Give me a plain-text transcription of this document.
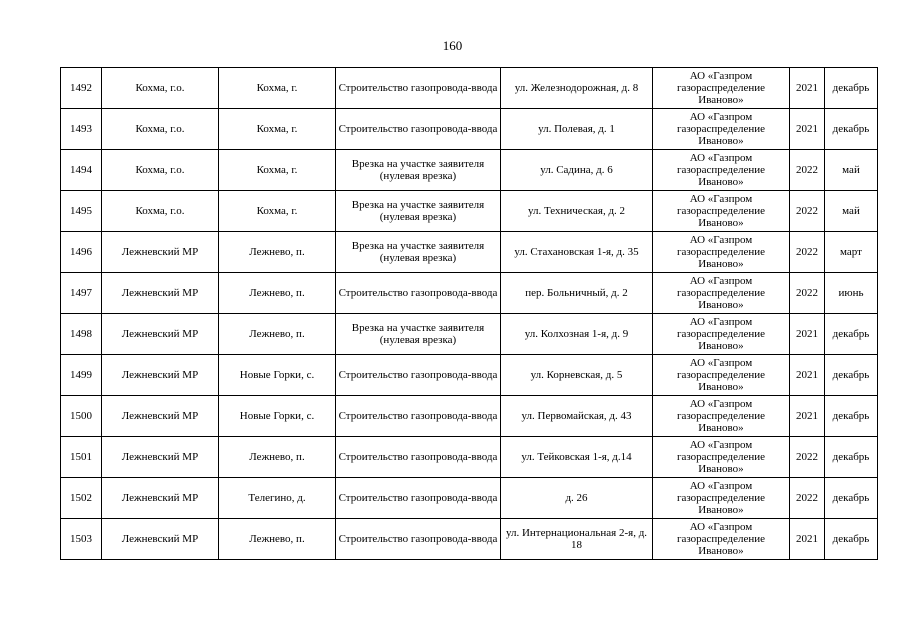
160
1492	Кохма, г.о.	Кохма, г.	Строительство газопровода-ввода	ул. Железнодорожная, д. 8	АО «Газпром газораспределение Иваново»	2021	декабрь
1493	Кохма, г.о.	Кохма, г.	Строительство газопровода-ввода	ул. Полевая, д. 1	АО «Газпром газораспределение Иваново»	2021	декабрь
1494	Кохма, г.о.	Кохма, г.	Врезка на участке заявителя (нулевая врезка)	ул. Садина, д. 6	АО «Газпром газораспределение Иваново»	2022	май
1495	Кохма, г.о.	Кохма, г.	Врезка на участке заявителя (нулевая врезка)	ул. Техническая, д. 2	АО «Газпром газораспределение Иваново»	2022	май
1496	Лежневский МР	Лежнево, п.	Врезка на участке заявителя (нулевая врезка)	ул. Стахановская 1-я, д. 35	АО «Газпром газораспределение Иваново»	2022	март
1497	Лежневский МР	Лежнево, п.	Строительство газопровода-ввода	пер. Больничный, д. 2	АО «Газпром газораспределение Иваново»	2022	июнь
1498	Лежневский МР	Лежнево, п.	Врезка на участке заявителя (нулевая врезка)	ул. Колхозная 1-я, д. 9	АО «Газпром газораспределение Иваново»	2021	декабрь
1499	Лежневский МР	Новые Горки, с.	Строительство газопровода-ввода	ул. Корневская, д. 5	АО «Газпром газораспределение Иваново»	2021	декабрь
1500	Лежневский МР	Новые Горки, с.	Строительство газопровода-ввода	ул. Первомайская, д. 43	АО «Газпром газораспределение Иваново»	2021	декабрь
1501	Лежневский МР	Лежнево, п.	Строительство газопровода-ввода	ул. Тейковская 1-я, д.14	АО «Газпром газораспределение Иваново»	2022	декабрь
1502	Лежневский МР	Телегино, д.	Строительство газопровода-ввода	д. 26	АО «Газпром газораспределение Иваново»	2022	декабрь
1503	Лежневский МР	Лежнево, п.	Строительство газопровода-ввода	ул. Интернациональная 2-я, д. 18	АО «Газпром газораспределение Иваново»	2021	декабрь
